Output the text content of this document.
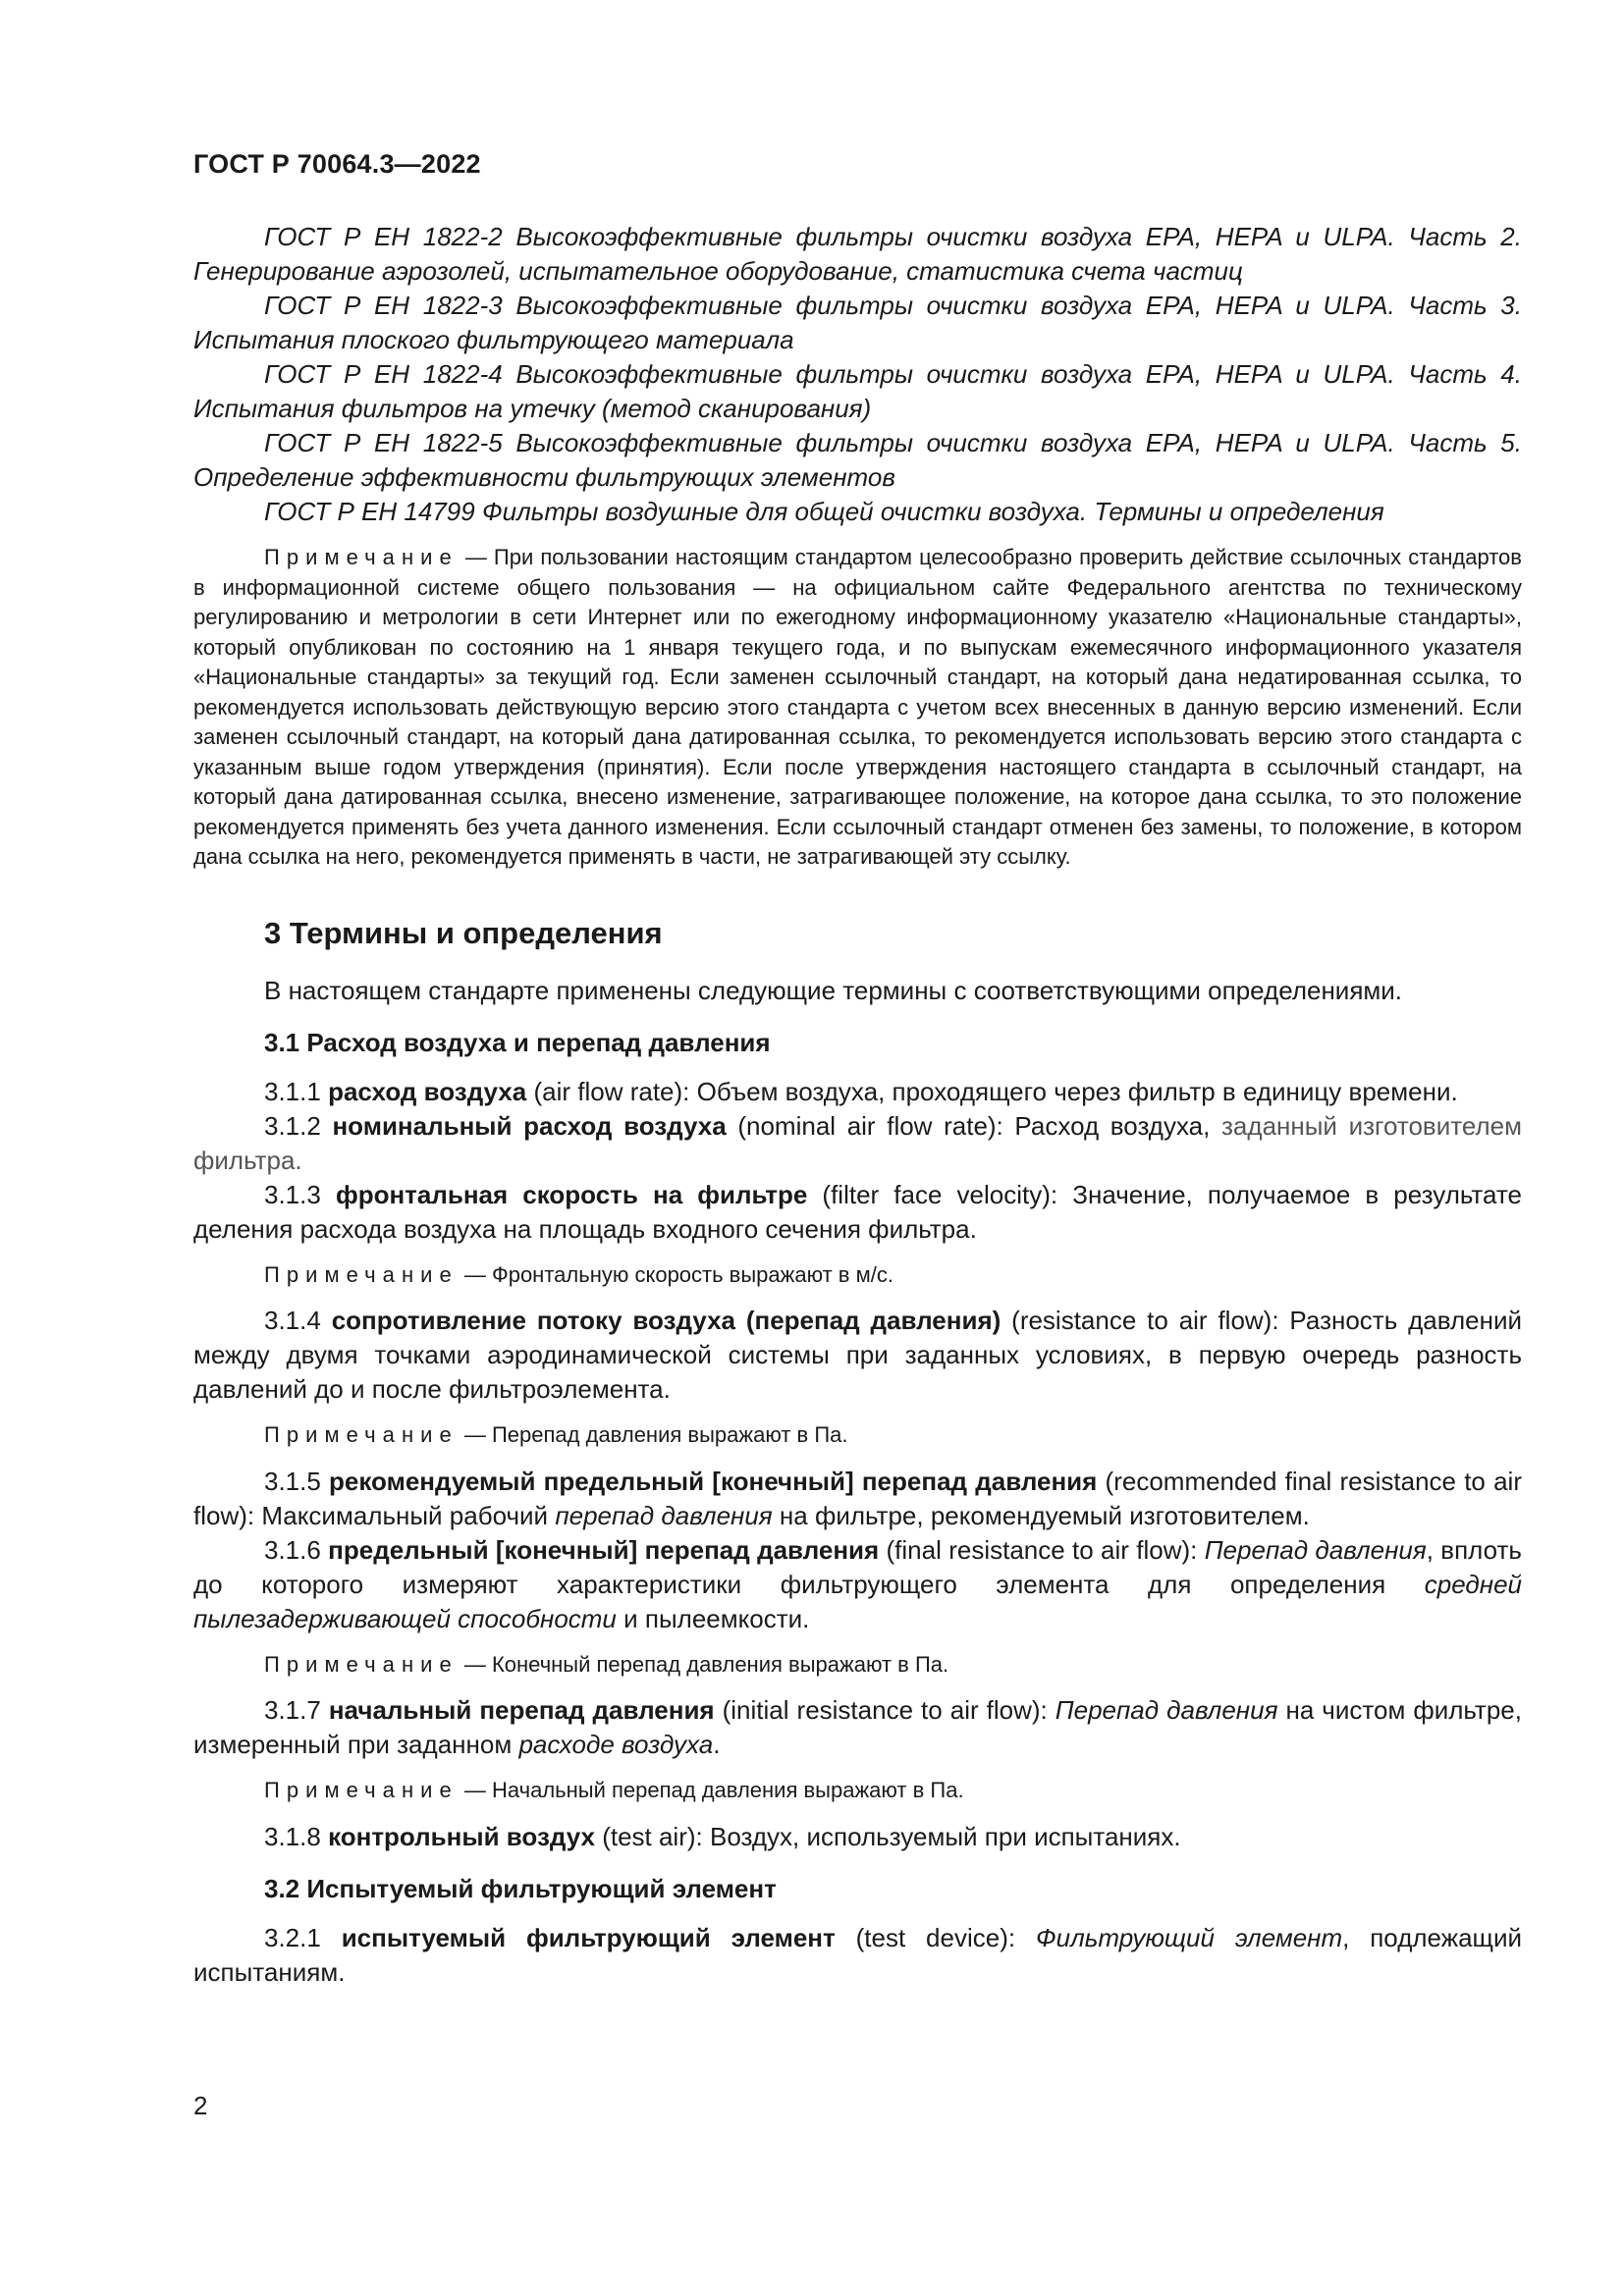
ГОСТ Р 70064.3—2022

ГОСТ Р ЕН 1822-2 Высокоэффективные фильтры очистки воздуха EPA, HEPA и ULPA. Часть 2. Генерирование аэрозолей, испытательное оборудование, статистика счета частиц

ГОСТ Р ЕН 1822-3 Высокоэффективные фильтры очистки воздуха EPA, HEPA и ULPA. Часть 3. Испытания плоского фильтрующего материала

ГОСТ Р ЕН 1822-4 Высокоэффективные фильтры очистки воздуха EPA, HEPA и ULPA. Часть 4. Испытания фильтров на утечку (метод сканирования)

ГОСТ Р ЕН 1822-5 Высокоэффективные фильтры очистки воздуха EPA, HEPA и ULPA. Часть 5. Определение эффективности фильтрующих элементов

ГОСТ Р ЕН 14799 Фильтры воздушные для общей очистки воздуха. Термины и определения

Примечание — При пользовании настоящим стандартом целесообразно проверить действие ссылочных стандартов в информационной системе общего пользования — на официальном сайте Федерального агентства по техническому регулированию и метрологии в сети Интернет или по ежегодному информационному указателю «Национальные стандарты», который опубликован по состоянию на 1 января текущего года, и по выпускам ежемесячного информационного указателя «Национальные стандарты» за текущий год. Если заменен ссылочный стандарт, на который дана недатированная ссылка, то рекомендуется использовать действующую версию этого стандарта с учетом всех внесенных в данную версию изменений. Если заменен ссылочный стандарт, на который дана датированная ссылка, то рекомендуется использовать версию этого стандарта с указанным выше годом утверждения (принятия). Если после утверждения настоящего стандарта в ссылочный стандарт, на который дана датированная ссылка, внесено изменение, затрагивающее положение, на которое дана ссылка, то это положение рекомендуется применять без учета данного изменения. Если ссылочный стандарт отменен без замены, то положение, в котором дана ссылка на него, рекомендуется применять в части, не затрагивающей эту ссылку.

3 Термины и определения

В настоящем стандарте применены следующие термины с соответствующими определениями.

3.1 Расход воздуха и перепад давления

3.1.1 расход воздуха (air flow rate): Объем воздуха, проходящего через фильтр в единицу времени.

3.1.2 номинальный расход воздуха (nominal air flow rate): Расход воздуха, заданный изготовителем фильтра.

3.1.3 фронтальная скорость на фильтре (filter face velocity): Значение, получаемое в результате деления расхода воздуха на площадь входного сечения фильтра.

Примечание — Фронтальную скорость выражают в м/с.

3.1.4 сопротивление потоку воздуха (перепад давления) (resistance to air flow): Разность давлений между двумя точками аэродинамической системы при заданных условиях, в первую очередь разность давлений до и после фильтроэлемента.

Примечание — Перепад давления выражают в Па.

3.1.5 рекомендуемый предельный [конечный] перепад давления (recommended final resistance to air flow): Максимальный рабочий перепад давления на фильтре, рекомендуемый изготовителем.

3.1.6 предельный [конечный] перепад давления (final resistance to air flow): Перепад давления, вплоть до которого измеряют характеристики фильтрующего элемента для определения средней пылезадерживающей способности и пылеемкости.

Примечание — Конечный перепад давления выражают в Па.

3.1.7 начальный перепад давления (initial resistance to air flow): Перепад давления на чистом фильтре, измеренный при заданном расходе воздуха.

Примечание — Начальный перепад давления выражают в Па.

3.1.8 контрольный воздух (test air): Воздух, используемый при испытаниях.

3.2 Испытуемый фильтрующий элемент

3.2.1 испытуемый фильтрующий элемент (test device): Фильтрующий элемент, подлежащий испытаниям.

2
